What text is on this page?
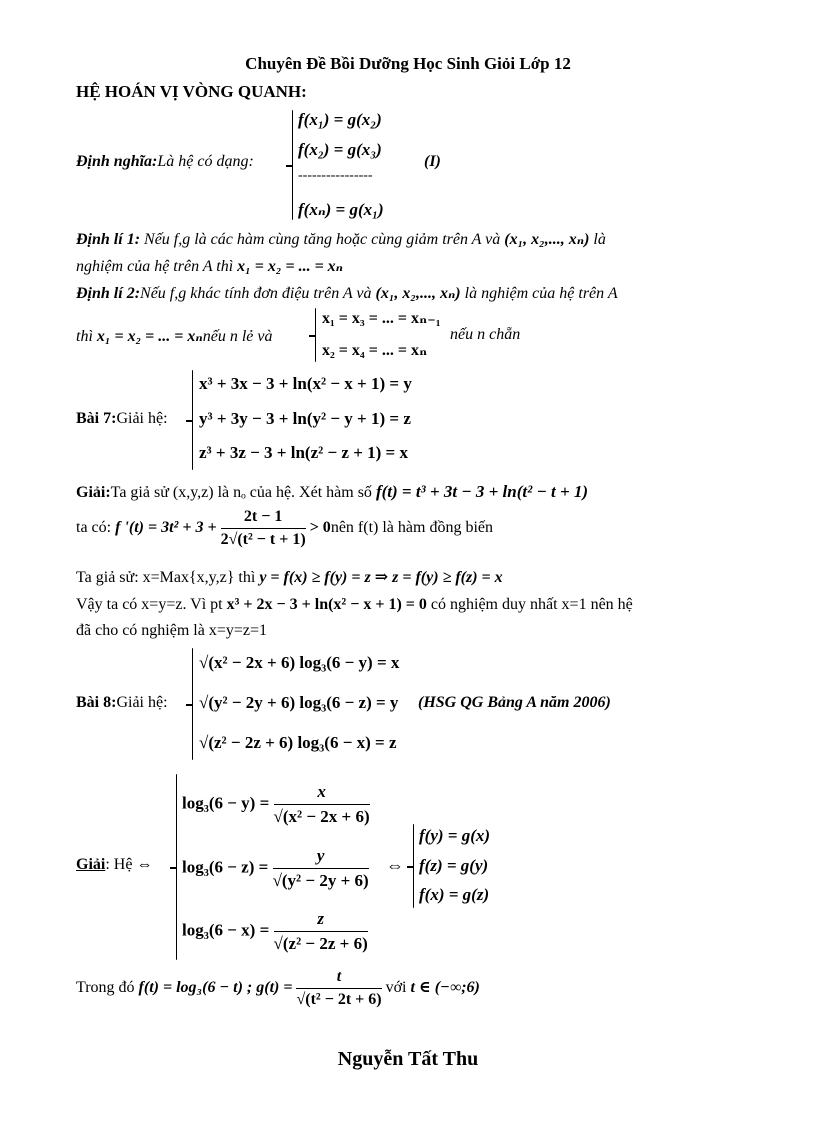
Chuyên Đề Bồi Dưỡng Học Sinh Giỏi Lớp 12
HỆ HOÁN VỊ VÒNG QUANH:
Định nghĩa:Là hệ có dạng:
f(x₁) = g(x₂)
f(x₂) = g(x₃)
----------------
f(xₙ) = g(x₁)
(I)
Định lí 1: Nếu f,g là các hàm cùng tăng hoặc cùng giảm trên A và (x₁, x₂,..., xₙ) là
nghiệm của hệ trên A thì x₁ = x₂ = ... = xₙ
Định lí 2:Nếu f,g khác tính đơn điệu trên A và (x₁, x₂,..., xₙ) là nghiệm của hệ trên A
thì x₁ = x₂ = ... = xₙnếu n lẻ và
x₁ = x₃ = ... = xₙ₋₁
x₂ = x₄ = ... = xₙ
nếu n chẵn
Bài 7:Giải hệ:
x³ + 3x − 3 + ln(x² − x + 1) = y
y³ + 3y − 3 + ln(y² − y + 1) = z
z³ + 3z − 3 + ln(z² − z + 1) = x
Giải:Ta giả sử (x,y,z) là nₒ của hệ. Xét hàm số f(t) = t³ + 3t − 3 + ln(t² − t + 1)
ta có: f '$(t) = 3t^2 + 3 + \frac{2t - 1}{\text{2√(t² − t + 1)}}$ > 0nên f(t) là hàm đồng biến
Ta giả sử: x=Max{x,y,z} thì y = f(x) ≥ f(y) = z ⇒ z = f(y) ≥ f(z) = x
Vậy ta có x=y=z. Vì pt x³ + 2x − 3 + ln(x² − x + 1) = 0 có nghiệm duy nhất x=1 nên hệ
đã cho có nghiệm là x=y=z=1
Bài 8:Giải hệ:
√(x² − 2x + 6) log₃(6 − y) = x
√(y² − 2y + 6) log₃(6 − z) = y
√(z² − 2z + 6) log₃(6 − x) = z
(HSG QG Bảng A năm 2006)
Giải: Hệ ⇔
$\log_3(6 - y) = \frac{x}{\text{√(x² − 2x + 6)}}$
$\log_3(6 - z) = \frac{y}{\text{√(y² − 2y + 6)}}$
$\log_3(6 - x) = \frac{z}{\text{√(z² − 2z + 6)}}$
⇔
f(y) = g(x)
f(z) = g(y)
f(x) = g(z)
Trong đó f(t) = log₃(6 − t) ; $g(t) = \frac{t}{\text{√(t² − 2t + 6)}}$ với t ∈ (−∞;6)
Nguyễn Tất Thu
